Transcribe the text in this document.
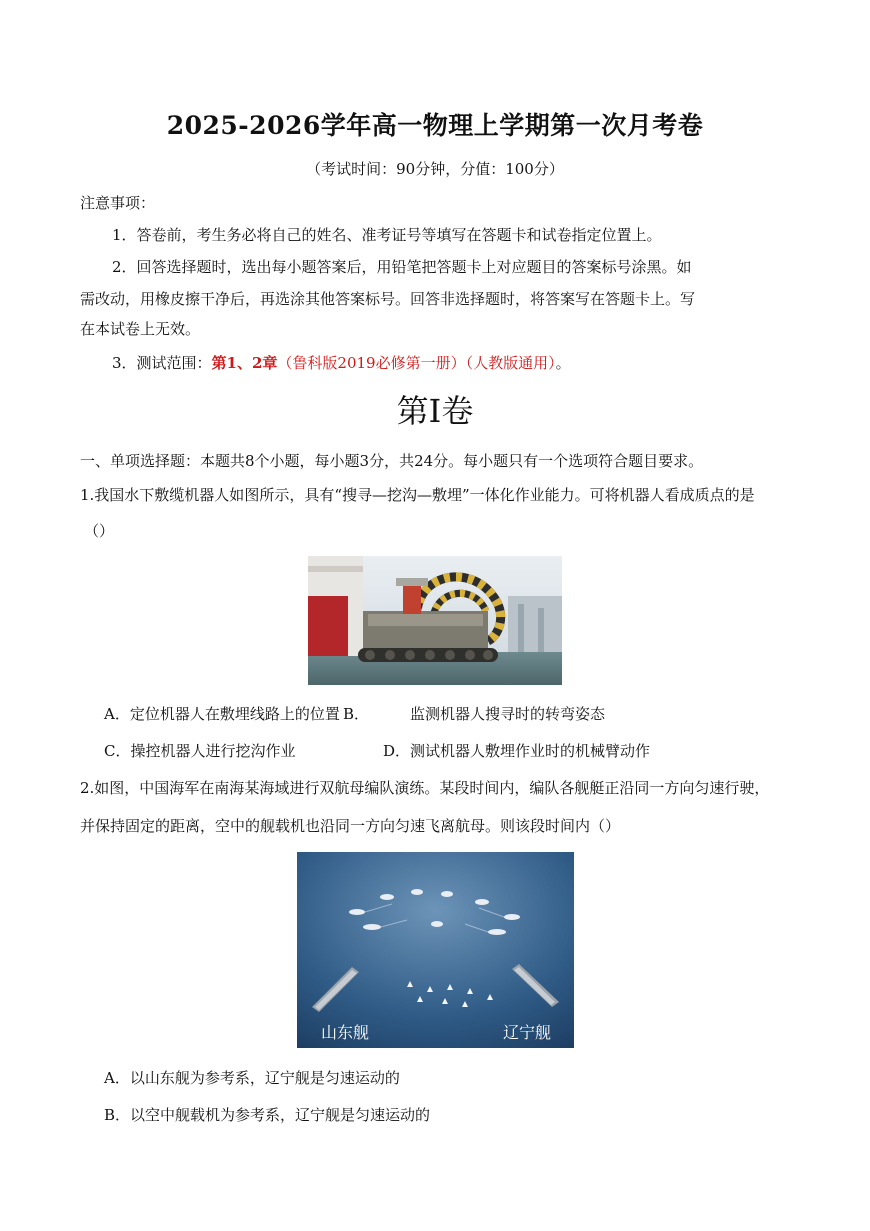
2025-2026学年高一物理上学期第一次月考卷
（考试时间：90分钟，分值：100分）
注意事项：
1．答卷前，考生务必将自己的姓名、准考证号等填写在答题卡和试卷指定位置上。
2．回答选择题时，选出每小题答案后，用铅笔把答题卡上对应题目的答案标号涂黑。如
需改动，用橡皮擦干净后，再选涂其他答案标号。回答非选择题时，将答案写在答题卡上。写
在本试卷上无效。
3．测试范围：第1、2章（鲁科版2019必修第一册）（人教版通用）。
第Ⅰ卷
一、单项选择题：本题共8个小题，每小题3分，共24分。每小题只有一个选项符合题目要求。
1.我国水下敷缆机器人如图所示，具有“搜寻—挖沟—敷埋”一体化作业能力。可将机器人看成质点的是
（）
A．定位机器人在敷埋线路上的位置 B．	监测机器人搜寻时的转弯姿态
C．操控机器人进行挖沟作业	D．测试机器人敷埋作业时的机械臂动作
2.如图，中国海军在南海某海域进行双航母编队演练。某段时间内，编队各舰艇正沿同一方向匀速行驶，
并保持固定的距离，空中的舰载机也沿同一方向匀速飞离航母。则该段时间内（）
山东舰	辽宁舰
A．以山东舰为参考系，辽宁舰是匀速运动的
B．以空中舰载机为参考系，辽宁舰是匀速运动的
